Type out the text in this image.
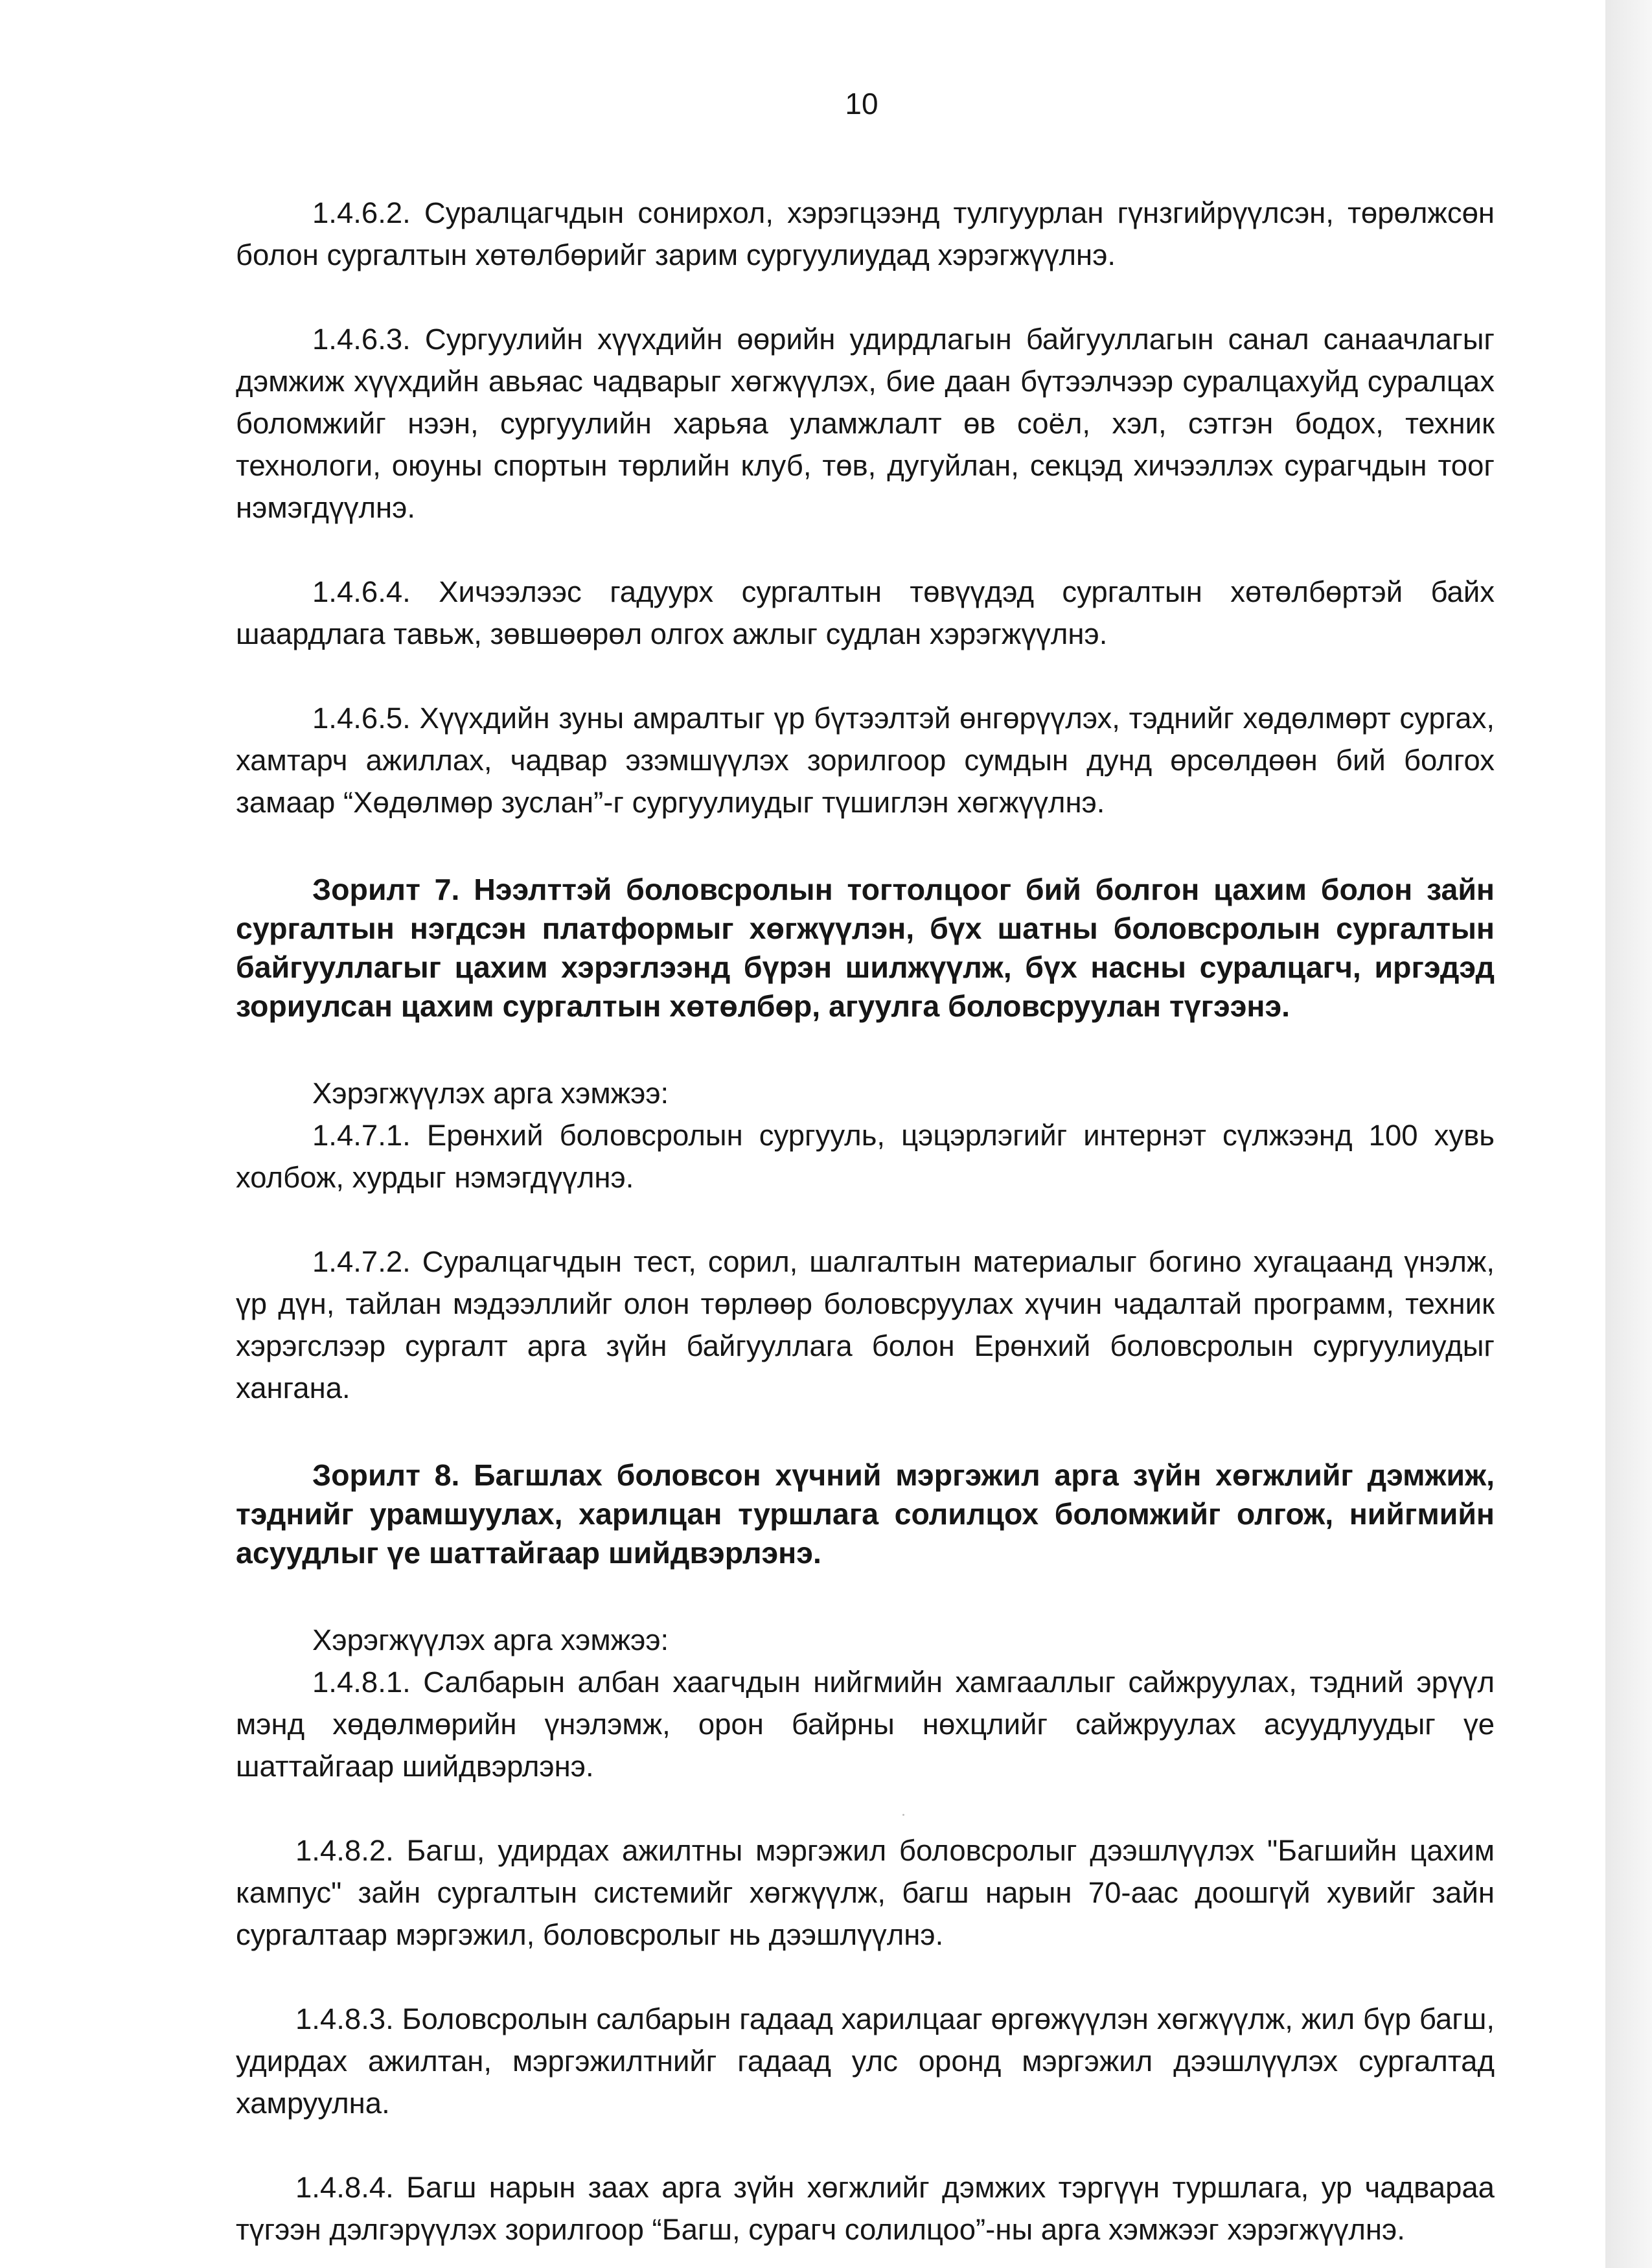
10

1.4.6.2. Суралцагчдын сонирхол, хэрэгцээнд тулгуурлан гүнзгийрүүлсэн, төрөлжсөн болон сургалтын хөтөлбөрийг зарим сургуулиудад хэрэгжүүлнэ.

1.4.6.3. Сургуулийн хүүхдийн өөрийн удирдлагын байгууллагын санал санаачлагыг дэмжиж хүүхдийн авьяас чадварыг хөгжүүлэх, бие даан бүтээлчээр суралцахуйд суралцах боломжийг нээн, сургуулийн харьяа уламжлалт өв соёл, хэл, сэтгэн бодох, техник технологи, оюуны спортын төрлийн клуб, төв, дугуйлан, секцэд хичээллэх сурагчдын тоог нэмэгдүүлнэ.

1.4.6.4. Хичээлээс гадуурх сургалтын төвүүдэд сургалтын хөтөлбөртэй байх шаардлага тавьж, зөвшөөрөл олгох ажлыг судлан хэрэгжүүлнэ.

1.4.6.5. Хүүхдийн зуны амралтыг үр бүтээлтэй өнгөрүүлэх, тэднийг хөдөлмөрт сургах, хамтарч ажиллах, чадвар эзэмшүүлэх зорилгоор сумдын дунд өрсөлдөөн бий болгох замаар “Хөдөлмөр зуслан”-г сургуулиудыг түшиглэн хөгжүүлнэ.

Зорилт 7. Нээлттэй боловсролын тогтолцоог бий болгон цахим болон зайн сургалтын нэгдсэн платформыг хөгжүүлэн, бүх шатны боловсролын сургалтын байгууллагыг цахим хэрэглээнд бүрэн шилжүүлж, бүх насны суралцагч, иргэдэд зориулсан цахим сургалтын хөтөлбөр, агуулга боловсруулан түгээнэ.

Хэрэгжүүлэх арга хэмжээ:

1.4.7.1. Ерөнхий боловсролын сургууль, цэцэрлэгийг интернэт сүлжээнд 100 хувь холбож, хурдыг нэмэгдүүлнэ.

1.4.7.2. Суралцагчдын тест, сорил, шалгалтын материалыг богино хугацаанд үнэлж, үр дүн, тайлан мэдээллийг олон төрлөөр боловсруулах хүчин чадалтай программ, техник хэрэгслээр сургалт арга зүйн байгууллага болон Ерөнхий боловсролын сургуулиудыг хангана.

Зорилт 8. Багшлах боловсон хүчний мэргэжил арга зүйн хөгжлийг дэмжиж, тэднийг урамшуулах, харилцан туршлага солилцох боломжийг олгож, нийгмийн асуудлыг үе шаттайгаар шийдвэрлэнэ.

Хэрэгжүүлэх арга хэмжээ:

1.4.8.1. Салбарын албан хаагчдын нийгмийн хамгааллыг сайжруулах, тэдний эрүүл мэнд хөдөлмөрийн үнэлэмж, орон байрны нөхцлийг сайжруулах асуудлуудыг үе шаттайгаар шийдвэрлэнэ.

1.4.8.2. Багш, удирдах ажилтны мэргэжил боловсролыг дээшлүүлэх "Багшийн цахим кампус" зайн сургалтын системийг хөгжүүлж, багш нарын 70-аас доошгүй хувийг зайн сургалтаар мэргэжил, боловсролыг нь дээшлүүлнэ.

1.4.8.3. Боловсролын салбарын гадаад харилцааг өргөжүүлэн хөгжүүлж, жил бүр багш, удирдах ажилтан, мэргэжилтнийг гадаад улс оронд мэргэжил дээшлүүлэх сургалтад хамруулна.

1.4.8.4. Багш нарын заах арга зүйн хөгжлийг дэмжих тэргүүн туршлага, ур чадвараа түгээн дэлгэрүүлэх зорилгоор “Багш, сурагч солилцоо”-ны арга хэмжээг хэрэгжүүлнэ.
